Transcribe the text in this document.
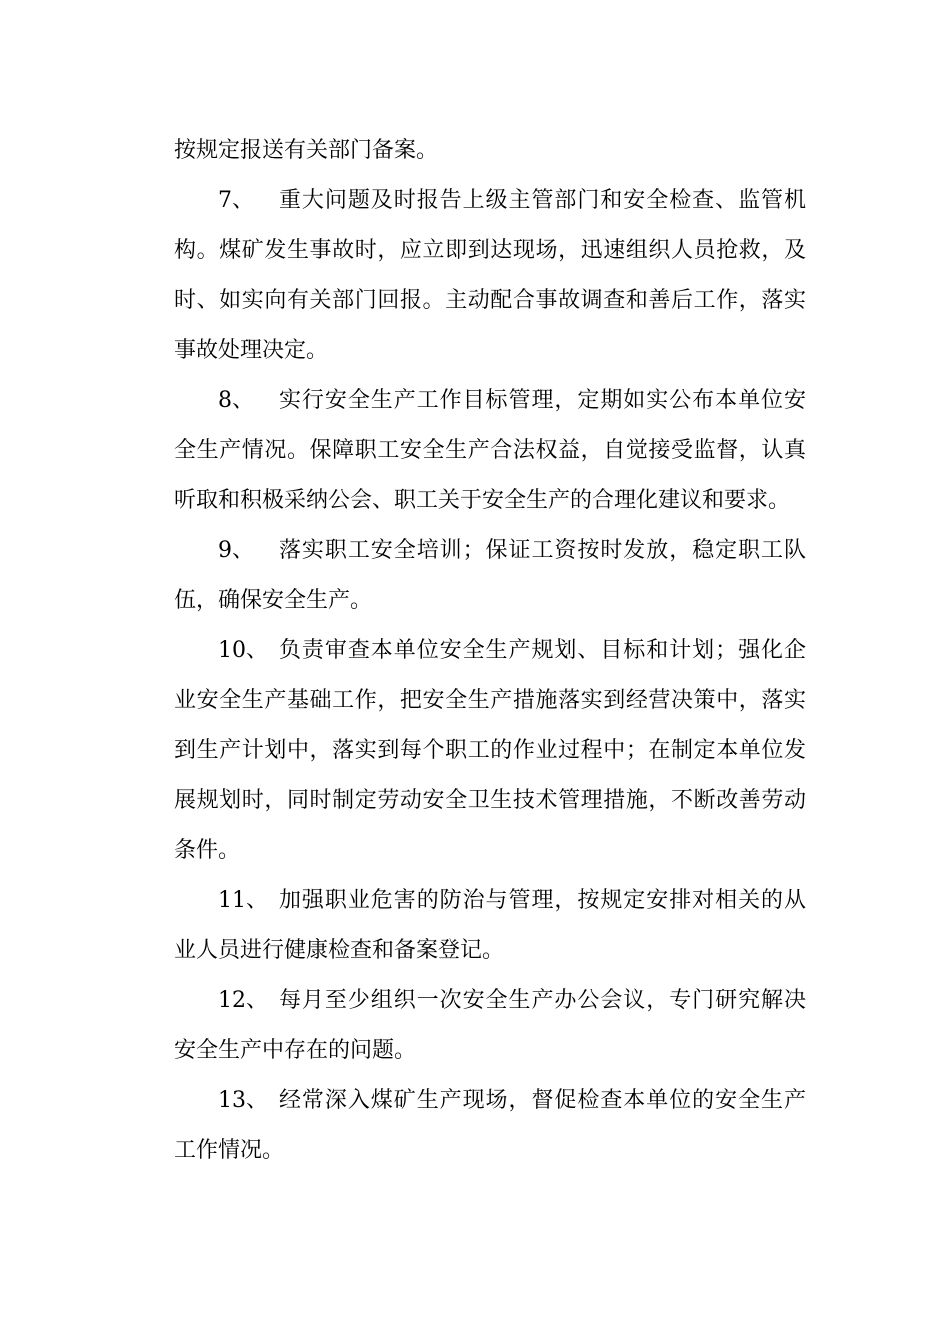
按规定报送有关部门备案。
7、 重大问题及时报告上级主管部门和安全检查、监管机
构。煤矿发生事故时，应立即到达现场，迅速组织人员抢救，及
时、如实向有关部门回报。主动配合事故调查和善后工作，落实
事故处理决定。
8、 实行安全生产工作目标管理，定期如实公布本单位安
全生产情况。保障职工安全生产合法权益，自觉接受监督，认真
听取和积极采纳公会、职工关于安全生产的合理化建议和要求。
9、 落实职工安全培训；保证工资按时发放，稳定职工队
伍，确保安全生产。
10、 负责审查本单位安全生产规划、目标和计划；强化企
业安全生产基础工作，把安全生产措施落实到经营决策中，落实
到生产计划中，落实到每个职工的作业过程中；在制定本单位发
展规划时，同时制定劳动安全卫生技术管理措施，不断改善劳动
条件。
11、 加强职业危害的防治与管理，按规定安排对相关的从
业人员进行健康检查和备案登记。
12、 每月至少组织一次安全生产办公会议，专门研究解决
安全生产中存在的问题。
13、 经常深入煤矿生产现场，督促检查本单位的安全生产
工作情况。
